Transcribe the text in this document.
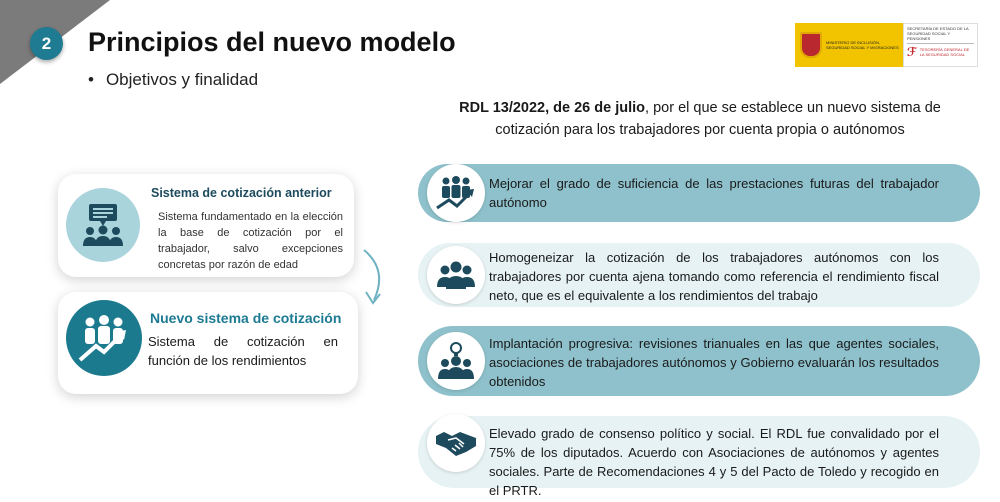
2	Principios del nuevo modelo
• Objetivos y finalidad
MINISTERIO DE INCLUSIÓN, SEGURIDAD SOCIAL Y MIGRACIONES
SECRETARÍA DE ESTADO DE LA SEGURIDAD SOCIAL Y PENSIONES
ℱ TESORERÍA GENERAL DE LA SEGURIDAD SOCIAL
RDL 13/2022, de 26 de julio, por el que se establece un nuevo sistema de cotización para los trabajadores por cuenta propia o autónomos
Sistema de cotización anterior
Sistema fundamentado en la elección la base de cotización por el trabajador, salvo excepciones concretas por razón de edad
Nuevo sistema de cotización
Sistema de cotización en función de los rendimientos
Mejorar el grado de suficiencia de las prestaciones futuras del trabajador autónomo
Homogeneizar la cotización de los trabajadores autónomos con los trabajadores por cuenta ajena tomando como referencia el rendimiento fiscal neto, que es el equivalente a los rendimientos del trabajo
Implantación progresiva: revisiones trianuales en las que agentes sociales, asociaciones de trabajadores autónomos y Gobierno evaluarán los resultados obtenidos
Elevado grado de consenso político y social. El RDL fue convalidado por el 75% de los diputados. Acuerdo con Asociaciones de autónomos y agentes sociales. Parte de Recomendaciones 4 y 5 del Pacto de Toledo y recogido en el PRTR.
